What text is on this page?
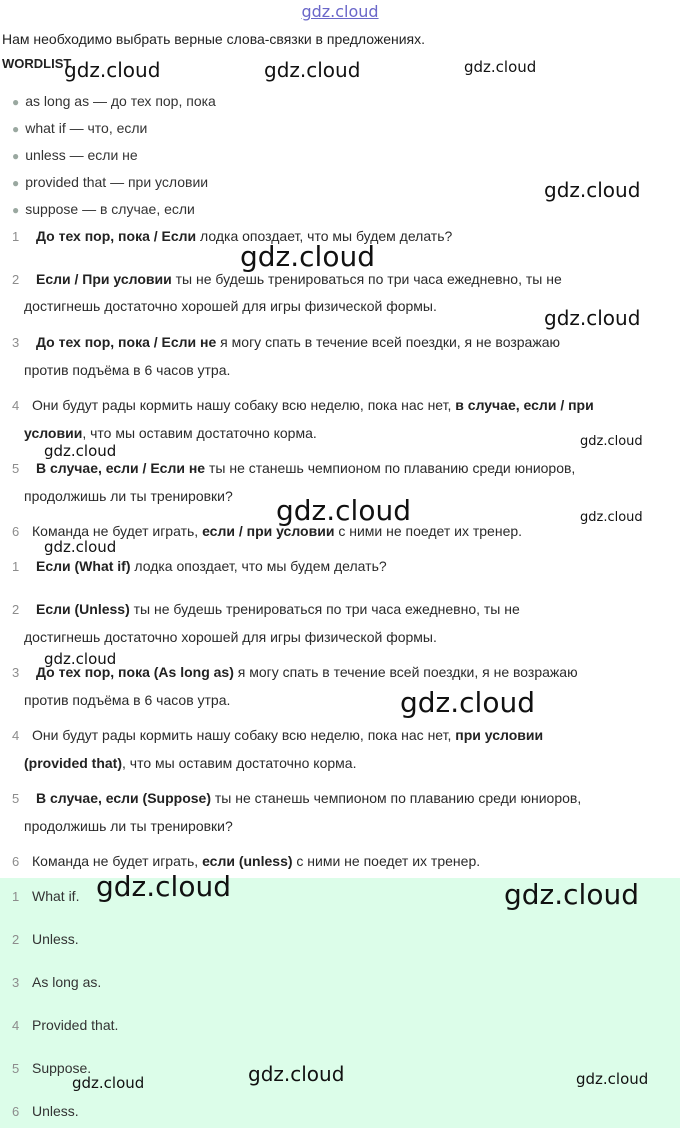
gdz.cloud
Нам необходимо выбрать верные слова-связки в предложениях.
WORDLIST
● as long as — до тех пор, пока
● what if — что, если
● unless — если не
● provided that — при условии
● suppose — в случае, если
1 До тех пор, пока / Если лодка опоздает, что мы будем делать?
2 Если / При условии ты не будешь тренироваться по три часа ежедневно, ты не
достигнешь достаточно хорошей для игры физической формы.
3 До тех пор, пока / Если не я могу спать в течение всей поездки, я не возражаю
против подъёма в 6 часов утра.
4 Они будут рады кормить нашу собаку всю неделю, пока нас нет, в случае, если / при
условии, что мы оставим достаточно корма.
5 В случае, если / Если не ты не станешь чемпионом по плаванию среди юниоров,
продолжишь ли ты тренировки?
6 Команда не будет играть, если / при условии с ними не поедет их тренер.
1 Если (What if) лодка опоздает, что мы будем делать?
2 Если (Unless) ты не будешь тренироваться по три часа ежедневно, ты не
достигнешь достаточно хорошей для игры физической формы.
3 До тех пор, пока (As long as) я могу спать в течение всей поездки, я не возражаю
против подъёма в 6 часов утра.
4 Они будут рады кормить нашу собаку всю неделю, пока нас нет, при условии
(provided that), что мы оставим достаточно корма.
5 В случае, если (Suppose) ты не станешь чемпионом по плаванию среди юниоров,
продолжишь ли ты тренировки?
6 Команда не будет играть, если (unless) с ними не поедет их тренер.
1 What if.
2 Unless.
3 As long as.
4 Provided that.
5 Suppose.
6 Unless.
gdz.cloud	gdz.cloud	gdz.cloud
gdz.cloud
gdz.cloud
gdz.cloud
gdz.cloud
gdz.cloud
gdz.cloud	gdz.cloud
gdz.cloud
gdz.cloud
gdz.cloud
gdz.cloud	gdz.cloud
gdz.cloud
gdz.cloud	gdz.cloud
